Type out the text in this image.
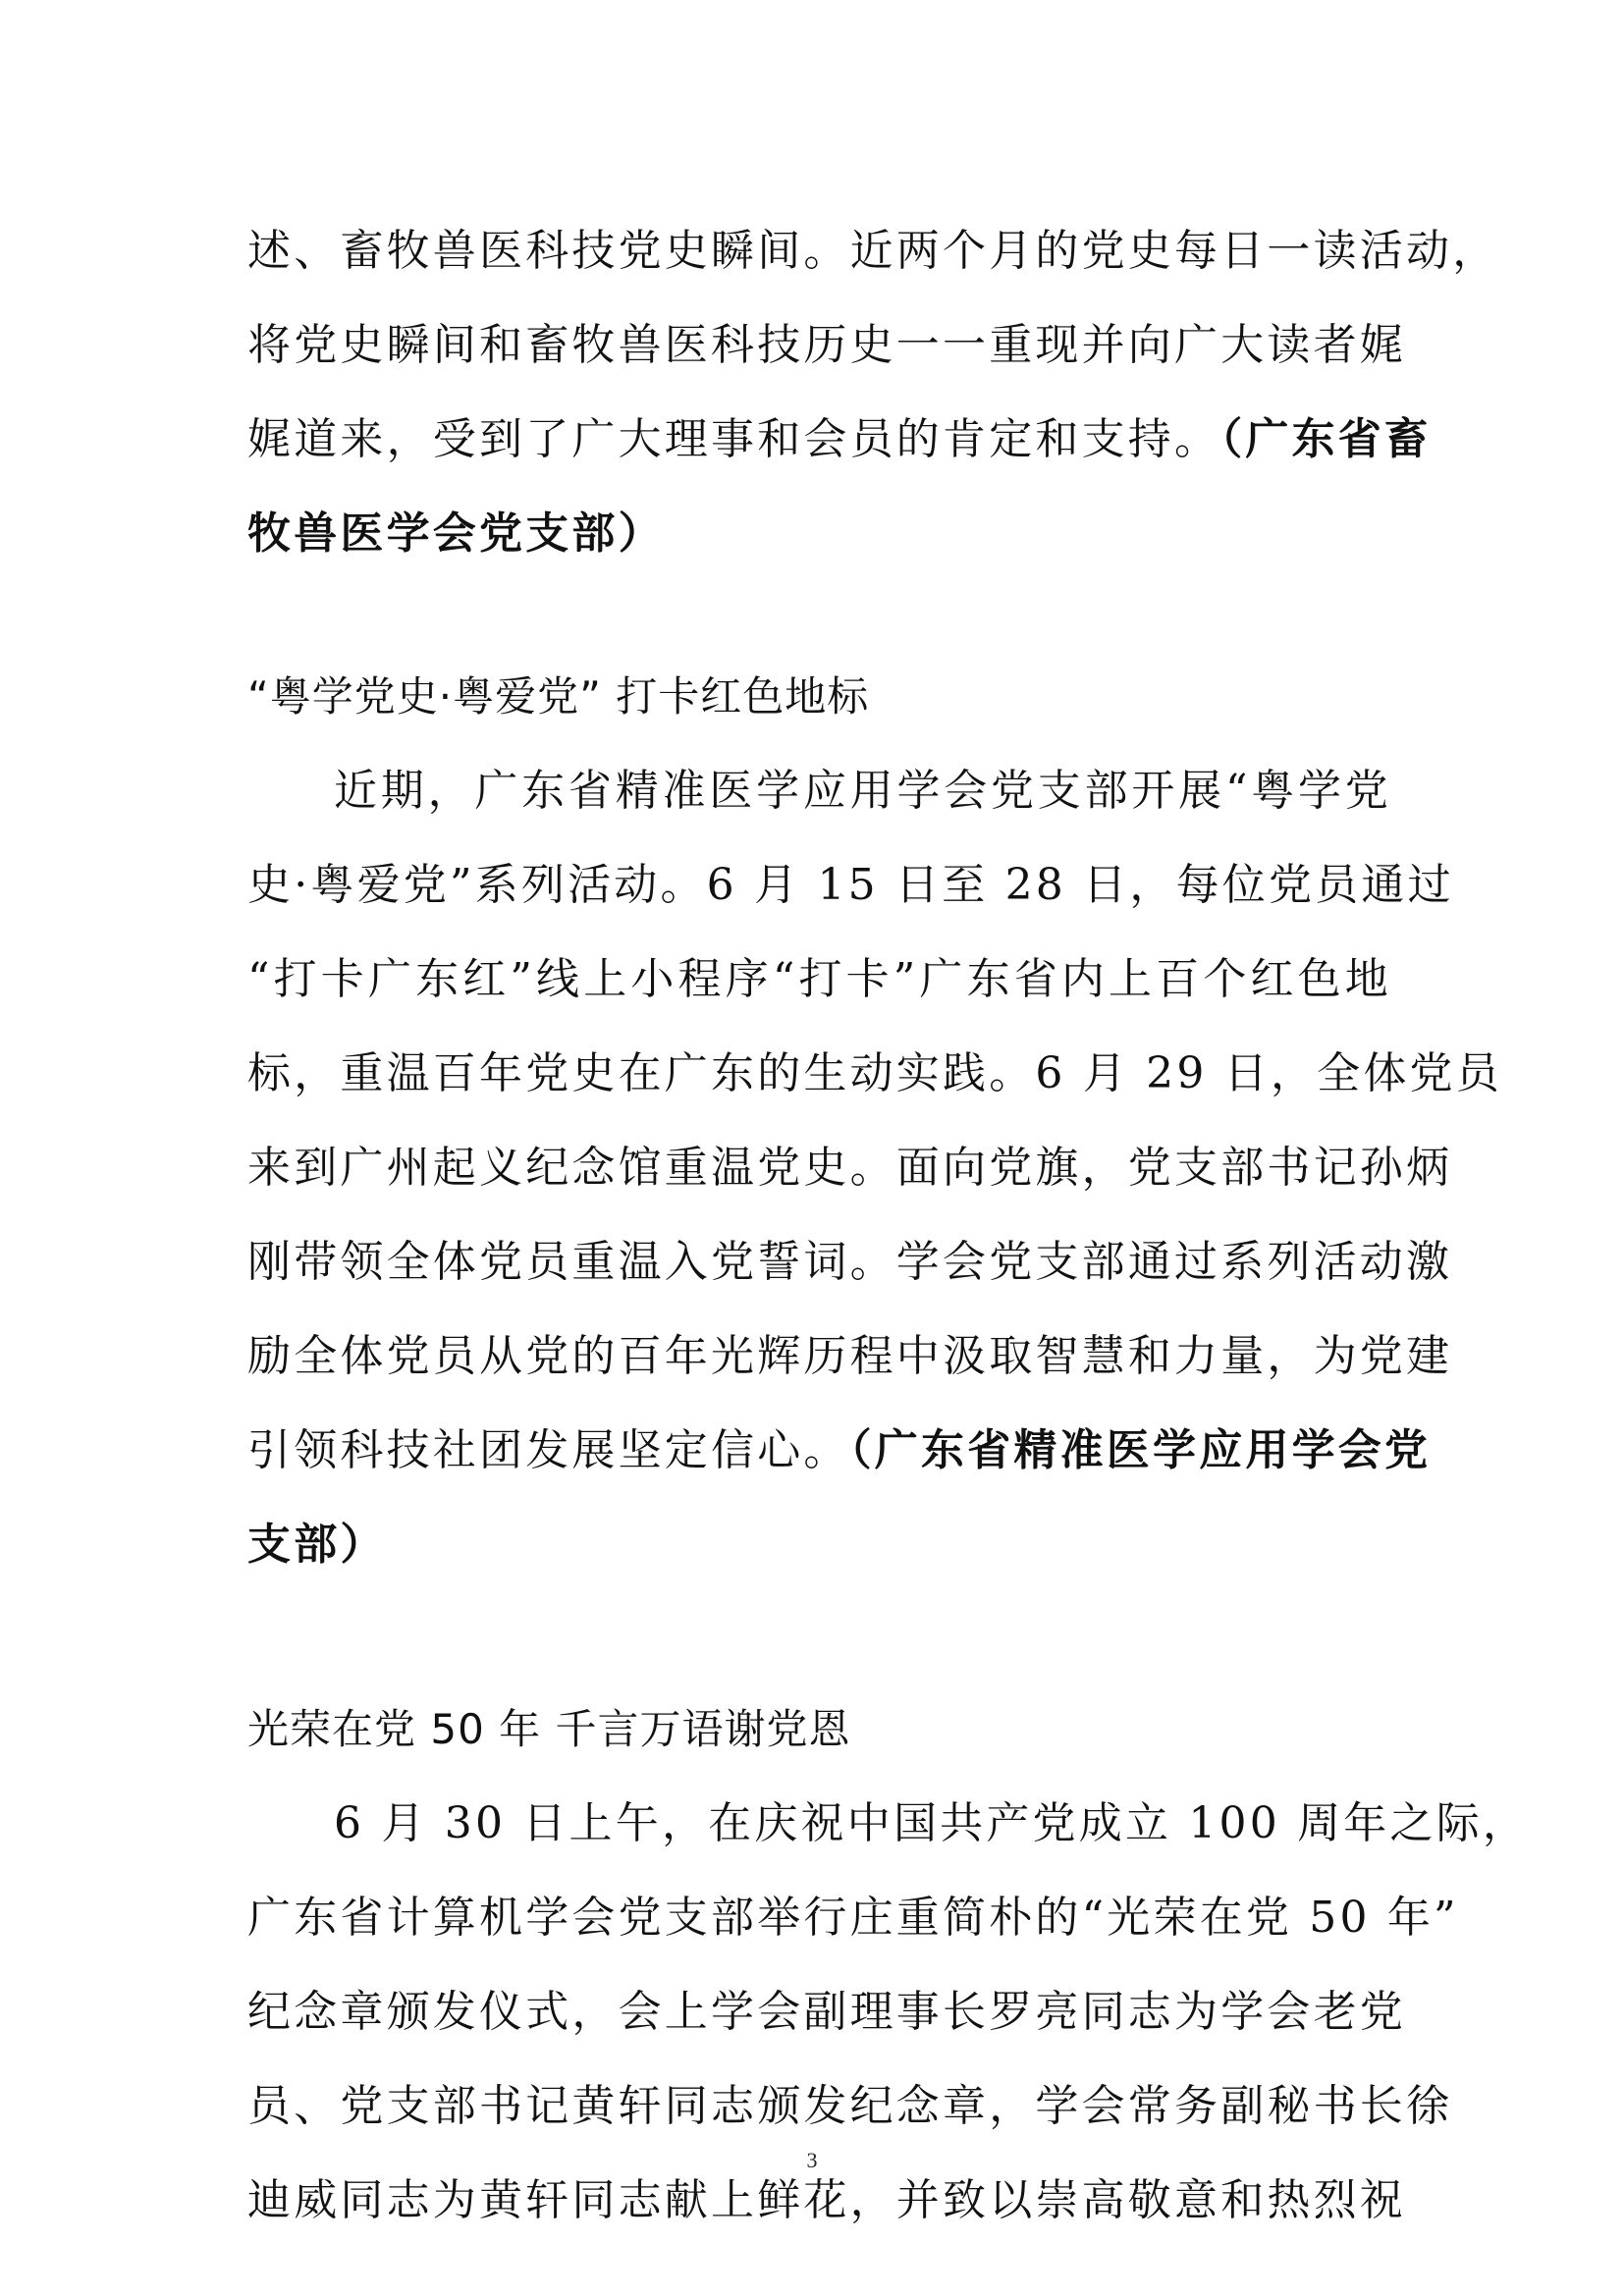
述、畜牧兽医科技党史瞬间。近两个月的党史每日一读活动，
将党史瞬间和畜牧兽医科技历史一一重现并向广大读者娓
娓道来，受到了广大理事和会员的肯定和支持。（广东省畜
牧兽医学会党支部）
“粤学党史·粤爱党” 打卡红色地标
近期，广东省精准医学应用学会党支部开展“粤学党
史·粤爱党”系列活动。6 月 15 日至 28 日，每位党员通过
“打卡广东红”线上小程序“打卡”广东省内上百个红色地
标，重温百年党史在广东的生动实践。6 月 29 日，全体党员
来到广州起义纪念馆重温党史。面向党旗，党支部书记孙炳
刚带领全体党员重温入党誓词。学会党支部通过系列活动激
励全体党员从党的百年光辉历程中汲取智慧和力量，为党建
引领科技社团发展坚定信心。（广东省精准医学应用学会党
支部）
光荣在党 50 年 千言万语谢党恩
6 月 30 日上午，在庆祝中国共产党成立 100 周年之际，
广东省计算机学会党支部举行庄重简朴的“光荣在党 50 年”
纪念章颁发仪式，会上学会副理事长罗亮同志为学会老党
员、党支部书记黄轩同志颁发纪念章，学会常务副秘书长徐
迪威同志为黄轩同志献上鲜花，并致以崇高敬意和热烈祝
3
